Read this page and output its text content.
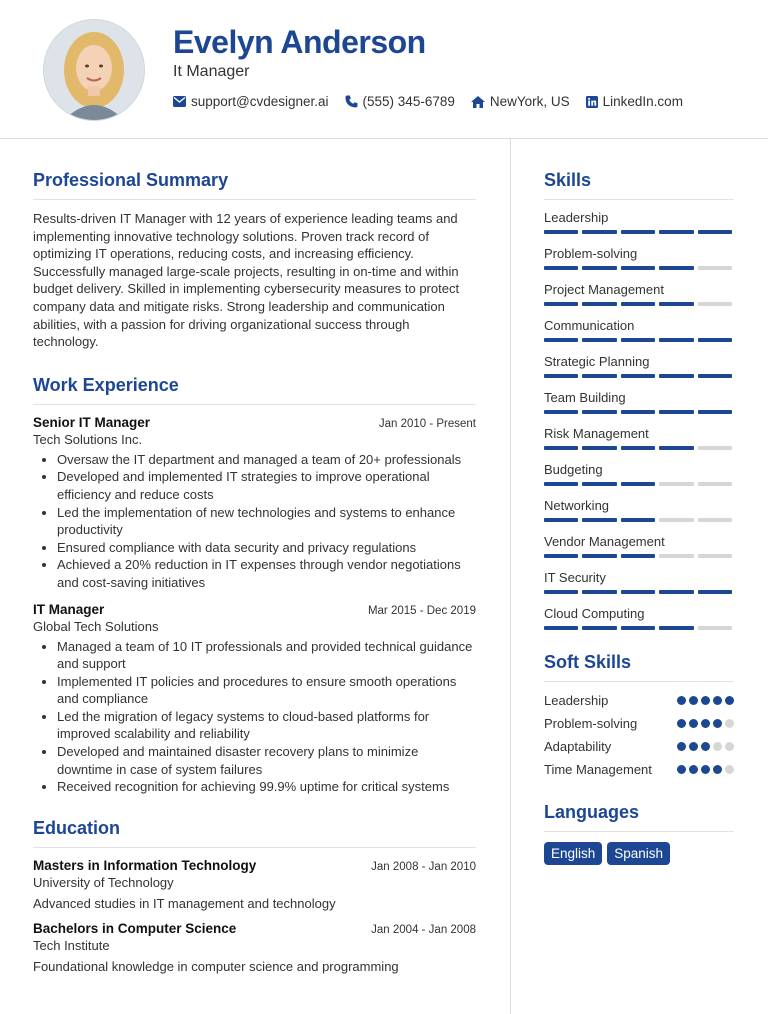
Evelyn Anderson
It Manager
support@cvdesigner.ai	(555) 345-6789	NewYork, US LinkedIn.com
Professional Summary

Results-driven IT Manager with 12 years of experience leading teams and implementing innovative technology solutions. Proven track record of optimizing IT operations, reducing costs, and increasing efficiency. Successfully managed large-scale projects, resulting in on-time and within budget delivery. Skilled in implementing cybersecurity measures to protect company data and mitigate risks. Strong leadership and communication abilities, with a passion for driving organizational success through technology.

Work Experience
Senior IT Manager	Jan 2010 - Present
Tech Solutions Inc.
• Oversaw the IT department and managed a team of 20+ professionals
• Developed and implemented IT strategies to improve operational efficiency and reduce costs
• Led the implementation of new technologies and systems to enhance productivity
• Ensured compliance with data security and privacy regulations
• Achieved a 20% reduction in IT expenses through vendor negotiations and cost-saving initiatives
IT Manager	Mar 2015 - Dec 2019
Global Tech Solutions
• Managed a team of 10 IT professionals and provided technical guidance and support
• Implemented IT policies and procedures to ensure smooth operations and compliance
• Led the migration of legacy systems to cloud-based platforms for improved scalability and reliability
• Developed and maintained disaster recovery plans to minimize downtime in case of system failures
• Received recognition for achieving 99.9% uptime for critical systems
Education
Masters in Information Technology	Jan 2008 - Jan 2010
University of Technology
Advanced studies in IT management and technology
Bachelors in Computer Science	Jan 2004 - Jan 2008
Tech Institute
Foundational knowledge in computer science and programming
Skills
Leadership
Problem-solving
Project Management
Communication
Strategic Planning
Team Building
Risk Management
Budgeting
Networking
Vendor Management
IT Security
Cloud Computing
Soft Skills
Leadership
Problem-solving
Adaptability
Time Management
Languages
English	Spanish
